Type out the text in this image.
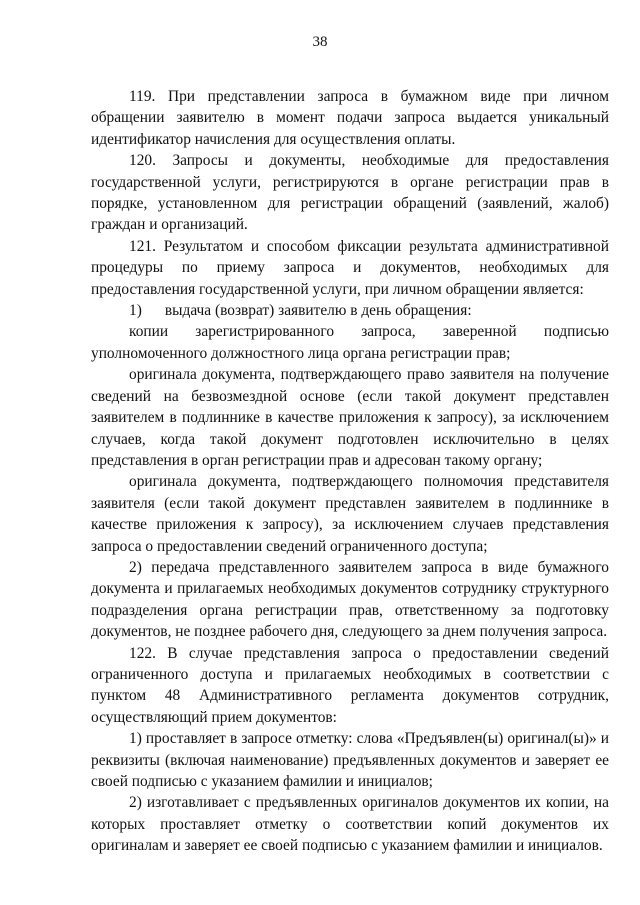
38

119. При представлении запроса в бумажном виде при личном обращении заявителю в момент подачи запроса выдается уникальный идентификатор начисления для осуществления оплаты.

120. Запросы и документы, необходимые для предоставления государственной услуги, регистрируются в органе регистрации прав в порядке, установленном для регистрации обращений (заявлений, жалоб) граждан и организаций.

121. Результатом и способом фиксации результата административной процедуры по приему запроса и документов, необходимых для предоставления государственной услуги, при личном обращении является:

1)      выдача (возврат) заявителю в день обращения:

копии зарегистрированного запроса, заверенной подписью уполномоченного должностного лица органа регистрации прав;

оригинала документа, подтверждающего право заявителя на получение сведений на безвозмездной основе (если такой документ представлен заявителем в подлиннике в качестве приложения к запросу), за исключением случаев, когда такой документ подготовлен исключительно в целях представления в орган регистрации прав и адресован такому органу;

оригинала документа, подтверждающего полномочия представителя заявителя (если такой документ представлен заявителем в подлиннике в качестве приложения к запросу), за исключением случаев представления запроса о предоставлении сведений ограниченного доступа;

2) передача представленного заявителем запроса в виде бумажного документа и прилагаемых необходимых документов сотруднику структурного подразделения органа регистрации прав, ответственному за подготовку документов, не позднее рабочего дня, следующего за днем получения запроса.

122. В случае представления запроса о предоставлении сведений ограниченного доступа и прилагаемых необходимых в соответствии с пунктом 48 Административного регламента документов сотрудник, осуществляющий прием документов:

1) проставляет в запросе отметку: слова «Предъявлен(ы) оригинал(ы)» и реквизиты (включая наименование) предъявленных документов и заверяет ее своей подписью с указанием фамилии и инициалов;

2) изготавливает с предъявленных оригиналов документов их копии, на которых проставляет отметку о соответствии копий документов их оригиналам и заверяет ее своей подписью с указанием фамилии и инициалов.
